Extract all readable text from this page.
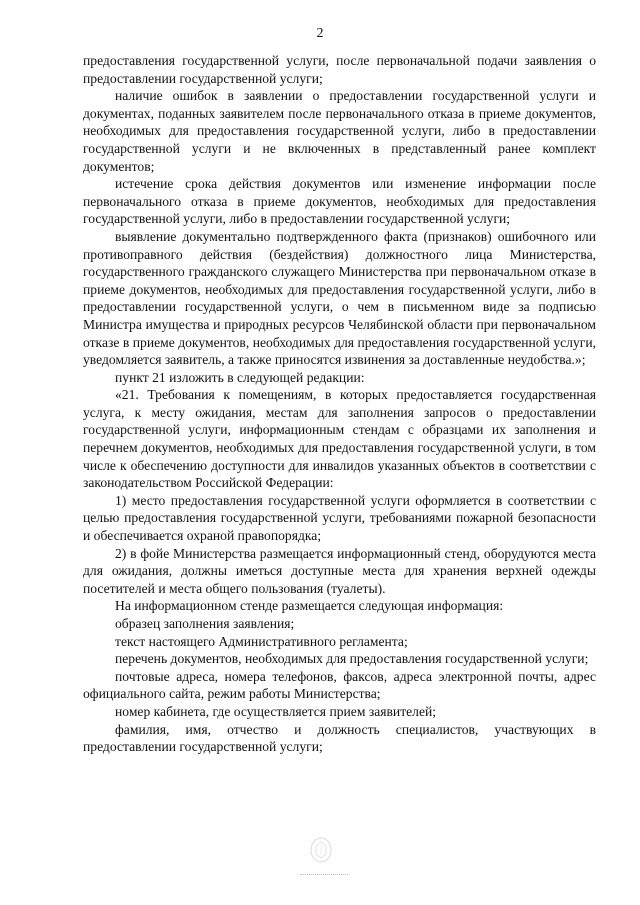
2

предоставления государственной услуги, после первоначальной подачи заявления о предоставлении государственной услуги;

наличие ошибок в заявлении о предоставлении государственной услуги и документах, поданных заявителем после первоначального отказа в приеме документов, необходимых для предоставления государственной услуги, либо в предоставлении государственной услуги и не включенных в представленный ранее комплект документов;

истечение срока действия документов или изменение информации после первоначального отказа в приеме документов, необходимых для предоставления государственной услуги, либо в предоставлении государственной услуги;

выявление документально подтвержденного факта (признаков) ошибочного или противоправного действия (бездействия) должностного лица Министерства, государственного гражданского служащего Министерства при первоначальном отказе в приеме документов, необходимых для предоставления государственной услуги, либо в предоставлении государственной услуги, о чем в письменном виде за подписью Министра имущества и природных ресурсов Челябинской области при первоначальном отказе в приеме документов, необходимых для предоставления государственной услуги, уведомляется заявитель, а также приносятся извинения за доставленные неудобства.»;

пункт 21 изложить в следующей редакции:

«21. Требования к помещениям, в которых предоставляется государственная услуга, к месту ожидания, местам для заполнения запросов о предоставлении государственной услуги, информационным стендам с образцами их заполнения и перечнем документов, необходимых для предоставления государственной услуги, в том числе к обеспечению доступности для инвалидов указанных объектов в соответствии с законодательством Российской Федерации:

1) место предоставления государственной услуги оформляется в соответствии с целью предоставления государственной услуги, требованиями пожарной безопасности и обеспечивается охраной правопорядка;

2) в фойе Министерства размещается информационный стенд, оборудуются места для ожидания, должны иметься доступные места для хранения верхней одежды посетителей и места общего пользования (туалеты).

На информационном стенде размещается следующая информация:

образец заполнения заявления;

текст настоящего Административного регламента;

перечень документов, необходимых для предоставления государственной услуги;

почтовые адреса, номера телефонов, факсов, адреса электронной почты, адрес официального сайта, режим работы Министерства;

номер кабинета, где осуществляется прием заявителей;

фамилия, имя, отчество и должность специалистов, участвующих в предоставлении государственной услуги;
